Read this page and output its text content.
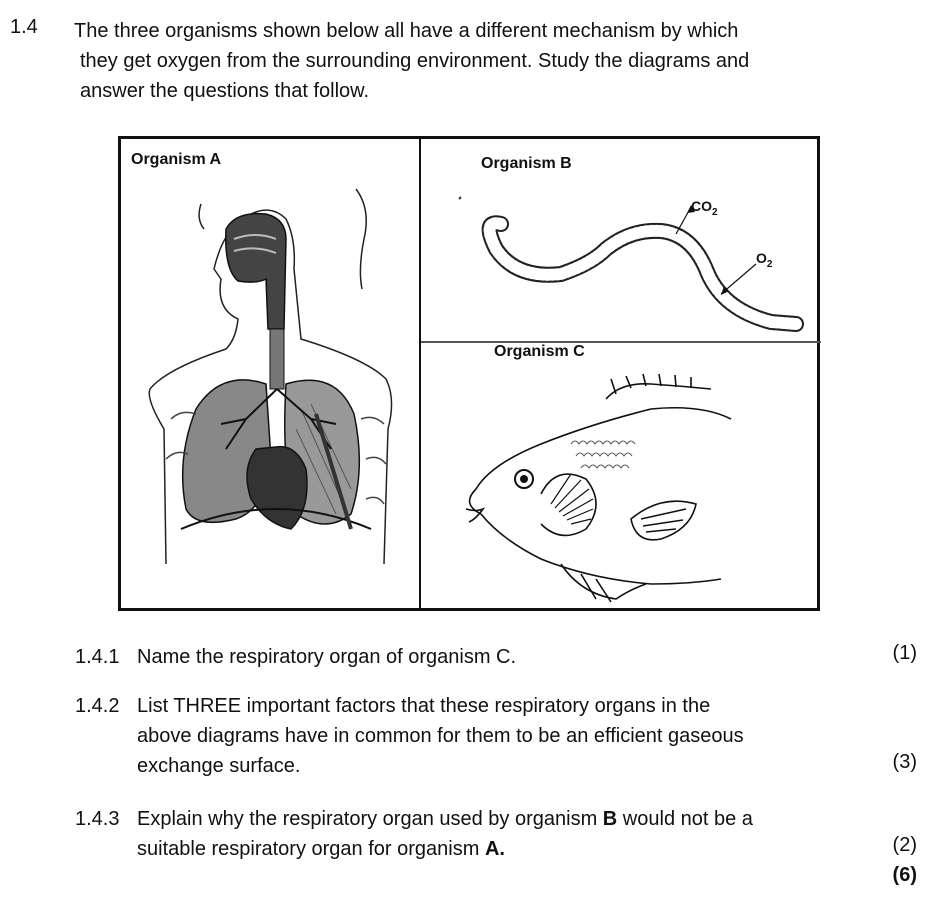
1.4 The three organisms shown below all have a different mechanism by which
they get oxygen from the surrounding environment. Study the diagrams and
answer the questions that follow.
Organism A	Organism B
Organism C
$CO_2$
$O_2$
1.4.1 Name the respiratory organ of organism C.	(1)
1.4.2 List THREE important factors that these respiratory organs in the
above diagrams have in common for them to be an efficient gaseous
exchange surface.	(3)
1.4.3 Explain why the respiratory organ used by organism B would not be a
suitable respiratory organ for organism A.	(2)
(6)
